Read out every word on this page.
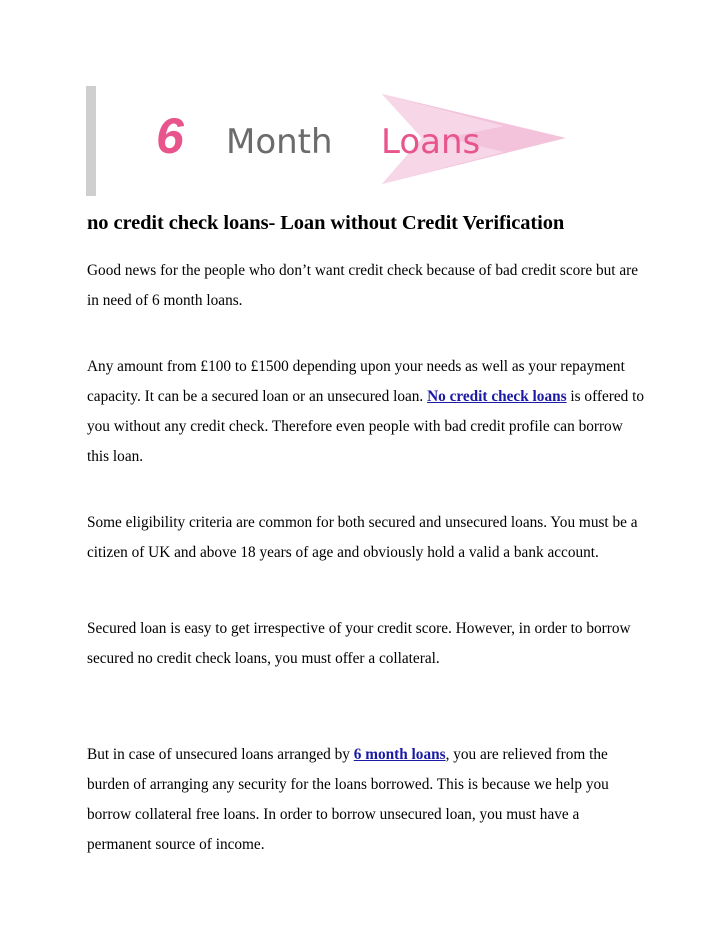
6 Month Loans
no credit check loans- Loan without Credit Verification

Good news for the people who don’t want credit check because of bad credit score but are in need of 6 month loans.

Any amount from £100 to £1500 depending upon your needs as well as your repayment capacity. It can be a secured loan or an unsecured loan. No credit check loans is offered to you without any credit check. Therefore even people with bad credit profile can borrow this loan.

Some eligibility criteria are common for both secured and unsecured loans. You must be a citizen of UK and above 18 years of age and obviously hold a valid a bank account.

Secured loan is easy to get irrespective of your credit score. However, in order to borrow secured no credit check loans, you must offer a collateral.

But in case of unsecured loans arranged by 6 month loans, you are relieved from the burden of arranging any security for the loans borrowed. This is because we help you borrow collateral free loans. In order to borrow unsecured loan, you must have a permanent source of income.
